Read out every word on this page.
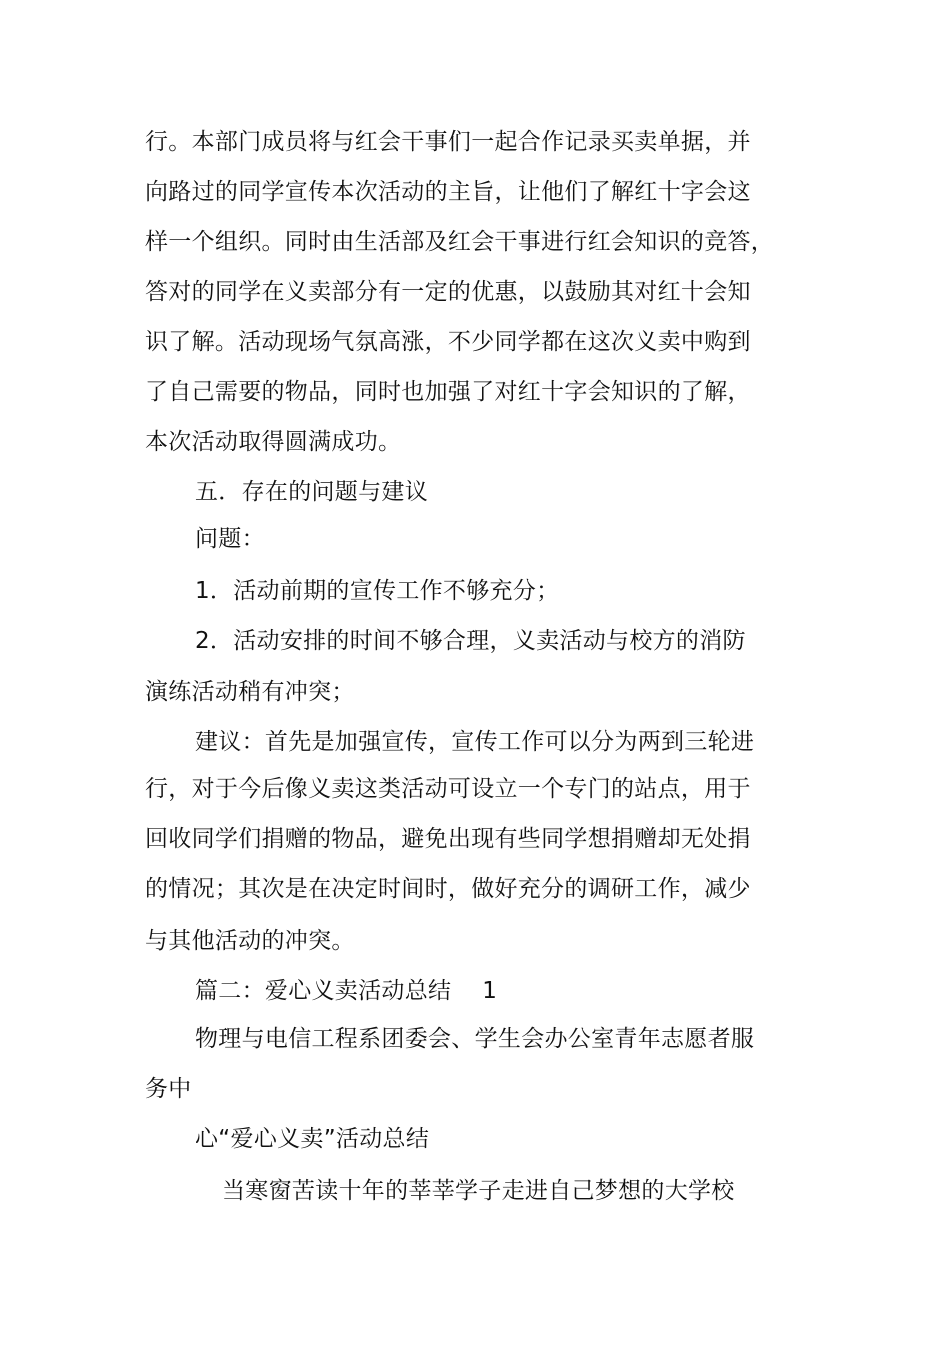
行。本部门成员将与红会干事们一起合作记录买卖单据，并
向路过的同学宣传本次活动的主旨，让他们了解红十字会这
样一个组织。同时由生活部及红会干事进行红会知识的竞答，
答对的同学在义卖部分有一定的优惠，以鼓励其对红十会知
识了解。活动现场气氛高涨，不少同学都在这次义卖中购到
了自己需要的物品，同时也加强了对红十字会知识的了解，
本次活动取得圆满成功。
五．存在的问题与建议
问题：
1．活动前期的宣传工作不够充分；
2．活动安排的时间不够合理，义卖活动与校方的消防
演练活动稍有冲突；
建议：首先是加强宣传，宣传工作可以分为两到三轮进
行，对于今后像义卖这类活动可设立一个专门的站点，用于
回收同学们捐赠的物品，避免出现有些同学想捐赠却无处捐
的情况；其次是在决定时间时，做好充分的调研工作，减少
与其他活动的冲突。
篇二：爱心义卖活动总结　 1
物理与电信工程系团委会、学生会办公室青年志愿者服
务中
心“爱心义卖”活动总结
当寒窗苦读十年的莘莘学子走进自己梦想的大学校
